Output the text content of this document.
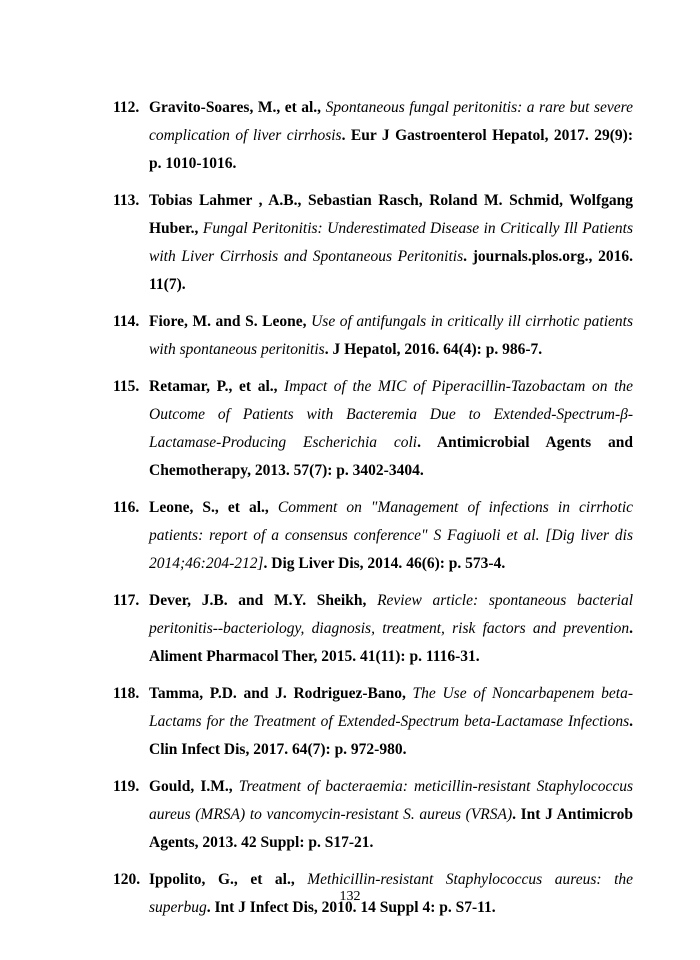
112. Gravito-Soares, M., et al., Spontaneous fungal peritonitis: a rare but severe complication of liver cirrhosis. Eur J Gastroenterol Hepatol, 2017. 29(9): p. 1010-1016.
113. Tobias Lahmer , A.B., Sebastian Rasch, Roland M. Schmid, Wolfgang Huber., Fungal Peritonitis: Underestimated Disease in Critically Ill Patients with Liver Cirrhosis and Spontaneous Peritonitis. journals.plos.org., 2016. 11(7).
114. Fiore, M. and S. Leone, Use of antifungals in critically ill cirrhotic patients with spontaneous peritonitis. J Hepatol, 2016. 64(4): p. 986-7.
115. Retamar, P., et al., Impact of the MIC of Piperacillin-Tazobactam on the Outcome of Patients with Bacteremia Due to Extended-Spectrum-β-Lactamase-Producing Escherichia coli. Antimicrobial Agents and Chemotherapy, 2013. 57(7): p. 3402-3404.
116. Leone, S., et al., Comment on "Management of infections in cirrhotic patients: report of a consensus conference" S Fagiuoli et al. [Dig liver dis 2014;46:204-212]. Dig Liver Dis, 2014. 46(6): p. 573-4.
117. Dever, J.B. and M.Y. Sheikh, Review article: spontaneous bacterial peritonitis--bacteriology, diagnosis, treatment, risk factors and prevention. Aliment Pharmacol Ther, 2015. 41(11): p. 1116-31.
118. Tamma, P.D. and J. Rodriguez-Bano, The Use of Noncarbapenem beta-Lactams for the Treatment of Extended-Spectrum beta-Lactamase Infections. Clin Infect Dis, 2017. 64(7): p. 972-980.
119. Gould, I.M., Treatment of bacteraemia: meticillin-resistant Staphylococcus aureus (MRSA) to vancomycin-resistant S. aureus (VRSA). Int J Antimicrob Agents, 2013. 42 Suppl: p. S17-21.
120. Ippolito, G., et al., Methicillin-resistant Staphylococcus aureus: the superbug. Int J Infect Dis, 2010. 14 Suppl 4: p. S7-11.
132
